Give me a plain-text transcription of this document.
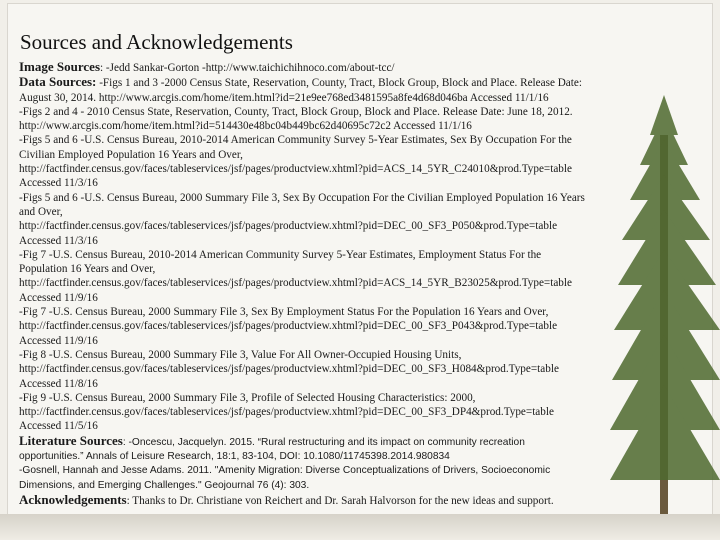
Sources and Acknowledgements

Image Sources: -Jedd Sankar-Gorton -http://www.taichichihnoco.com/about-tcc/

Data Sources: -Figs 1 and 3 -2000 Census State, Reservation, County, Tract, Block Group, Block and Place. Release Date:

August 30, 2014. http://www.arcgis.com/home/item.html?id=21e9ee768ed3481595a8fe4d68d046ba Accessed 11/1/16

-Figs 2 and 4 - 2010 Census State, Reservation, County, Tract, Block Group, Block and Place. Release Date: June 18, 2012.

http://www.arcgis.com/home/item.html?id=514430e48bc04b449bc62d40695c72c2 Accessed 11/1/16

-Figs 5 and 6 -U.S. Census Bureau, 2010-2014 American Community Survey 5-Year Estimates, Sex By Occupation For the

Civilian Employed Population 16 Years and Over,

http://factfinder.census.gov/faces/tableservices/jsf/pages/productview.xhtml?pid=ACS_14_5YR_C24010&prod.Type=table

Accessed 11/3/16

-Figs 5 and 6 -U.S. Census Bureau, 2000 Summary File 3, Sex By Occupation For the Civilian Employed Population 16 Years

and Over,

http://factfinder.census.gov/faces/tableservices/jsf/pages/productview.xhtml?pid=DEC_00_SF3_P050&prod.Type=table

Accessed 11/3/16

-Fig 7 -U.S. Census Bureau, 2010-2014 American Community Survey 5-Year Estimates, Employment Status For the

Population 16 Years and Over,

http://factfinder.census.gov/faces/tableservices/jsf/pages/productview.xhtml?pid=ACS_14_5YR_B23025&prod.Type=table

Accessed 11/9/16

-Fig 7 -U.S. Census Bureau, 2000 Summary File 3, Sex By Employment Status For the Population 16 Years and Over,

http://factfinder.census.gov/faces/tableservices/jsf/pages/productview.xhtml?pid=DEC_00_SF3_P043&prod.Type=table

Accessed 11/9/16

-Fig 8 -U.S. Census Bureau, 2000 Summary File 3, Value For All Owner-Occupied Housing Units,

http://factfinder.census.gov/faces/tableservices/jsf/pages/productview.xhtml?pid=DEC_00_SF3_H084&prod.Type=table

Accessed 11/8/16

-Fig 9 -U.S. Census Bureau, 2000 Summary File 3, Profile of Selected Housing Characteristics: 2000,

http://factfinder.census.gov/faces/tableservices/jsf/pages/productview.xhtml?pid=DEC_00_SF3_DP4&prod.Type=table

Accessed 11/5/16

Literature Sources: -Oncescu, Jacquelyn. 2015. “Rural restructuring and its impact on community recreation

opportunities.” Annals of Leisure Research, 18:1, 83-104, DOI: 10.1080/11745398.2014.980834

-Gosnell, Hannah and Jesse Adams. 2011. "Amenity Migration: Diverse Conceptualizations of Drivers, Socioeconomic

Dimensions, and Emerging Challenges." Geojournal 76 (4): 303.

Acknowledgements: Thanks to Dr. Christiane von Reichert and Dr. Sarah Halvorson for the new ideas and support.
